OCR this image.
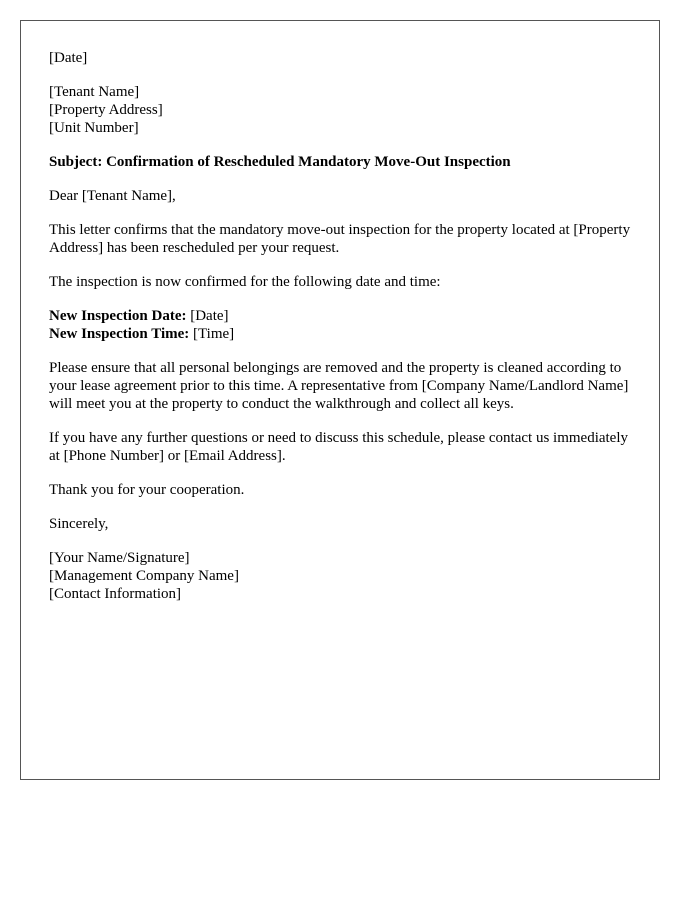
[Date]
[Tenant Name]
[Property Address]
[Unit Number]

Subject: Confirmation of Rescheduled Mandatory Move-Out Inspection

Dear [Tenant Name],

This letter confirms that the mandatory move-out inspection for the property located at [Property Address] has been rescheduled per your request.

The inspection is now confirmed for the following date and time:

New Inspection Date: [Date]
New Inspection Time: [Time]

Please ensure that all personal belongings are removed and the property is cleaned according to your lease agreement prior to this time. A representative from [Company Name/Landlord Name] will meet you at the property to conduct the walkthrough and collect all keys.

If you have any further questions or need to discuss this schedule, please contact us immediately at [Phone Number] or [Email Address].

Thank you for your cooperation.

Sincerely,

[Your Name/Signature]
[Management Company Name]
[Contact Information]
